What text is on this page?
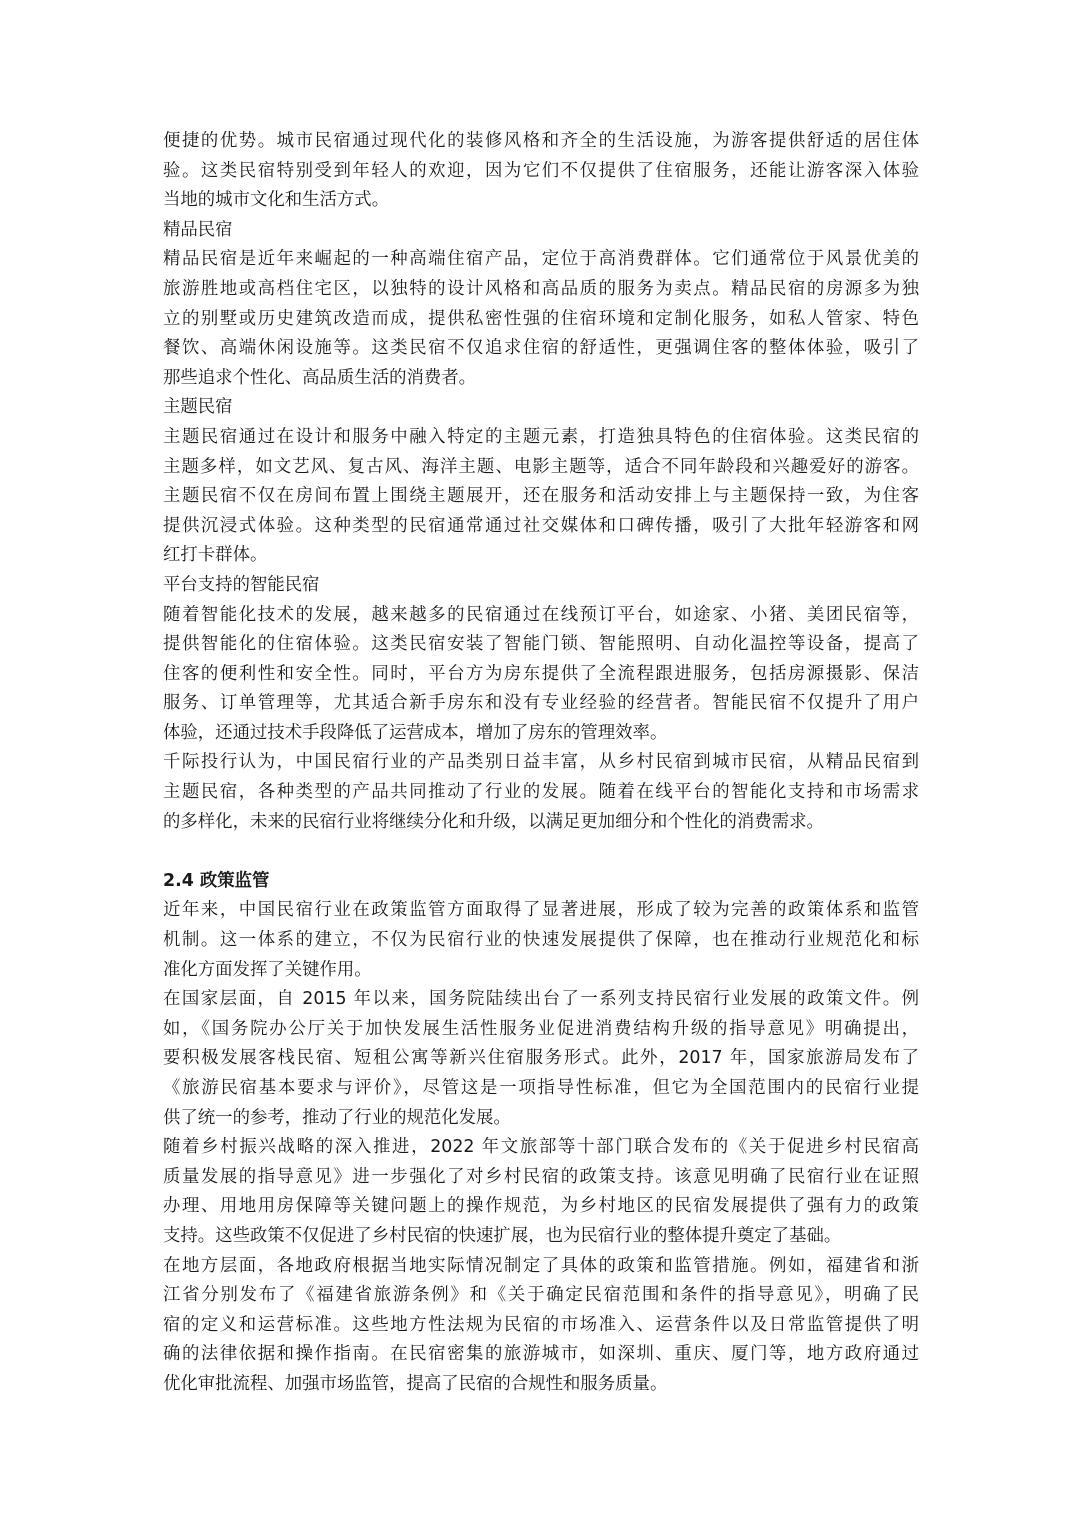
便捷的优势。城市民宿通过现代化的装修风格和齐全的生活设施，为游客提供舒适的居住体
验。这类民宿特别受到年轻人的欢迎，因为它们不仅提供了住宿服务，还能让游客深入体验
当地的城市文化和生活方式。
精品民宿
精品民宿是近年来崛起的一种高端住宿产品，定位于高消费群体。它们通常位于风景优美的
旅游胜地或高档住宅区，以独特的设计风格和高品质的服务为卖点。精品民宿的房源多为独
立的别墅或历史建筑改造而成，提供私密性强的住宿环境和定制化服务，如私人管家、特色
餐饮、高端休闲设施等。这类民宿不仅追求住宿的舒适性，更强调住客的整体体验，吸引了
那些追求个性化、高品质生活的消费者。
主题民宿
主题民宿通过在设计和服务中融入特定的主题元素，打造独具特色的住宿体验。这类民宿的
主题多样，如文艺风、复古风、海洋主题、电影主题等，适合不同年龄段和兴趣爱好的游客。
主题民宿不仅在房间布置上围绕主题展开，还在服务和活动安排上与主题保持一致，为住客
提供沉浸式体验。这种类型的民宿通常通过社交媒体和口碑传播，吸引了大批年轻游客和网
红打卡群体。
平台支持的智能民宿
随着智能化技术的发展，越来越多的民宿通过在线预订平台，如途家、小猪、美团民宿等，
提供智能化的住宿体验。这类民宿安装了智能门锁、智能照明、自动化温控等设备，提高了
住客的便利性和安全性。同时，平台方为房东提供了全流程跟进服务，包括房源摄影、保洁
服务、订单管理等，尤其适合新手房东和没有专业经验的经营者。智能民宿不仅提升了用户
体验，还通过技术手段降低了运营成本，增加了房东的管理效率。
千际投行认为，中国民宿行业的产品类别日益丰富，从乡村民宿到城市民宿，从精品民宿到
主题民宿，各种类型的产品共同推动了行业的发展。随着在线平台的智能化支持和市场需求
的多样化，未来的民宿行业将继续分化和升级，以满足更加细分和个性化的消费需求。
2.4 政策监管
近年来，中国民宿行业在政策监管方面取得了显著进展，形成了较为完善的政策体系和监管
机制。这一体系的建立，不仅为民宿行业的快速发展提供了保障，也在推动行业规范化和标
准化方面发挥了关键作用。
在国家层面，自 2015 年以来，国务院陆续出台了一系列支持民宿行业发展的政策文件。例
如，《国务院办公厅关于加快发展生活性服务业促进消费结构升级的指导意见》明确提出，
要积极发展客栈民宿、短租公寓等新兴住宿服务形式。此外，2017 年，国家旅游局发布了
《旅游民宿基本要求与评价》，尽管这是一项指导性标准，但它为全国范围内的民宿行业提
供了统一的参考，推动了行业的规范化发展。
随着乡村振兴战略的深入推进，2022 年文旅部等十部门联合发布的《关于促进乡村民宿高
质量发展的指导意见》进一步强化了对乡村民宿的政策支持。该意见明确了民宿行业在证照
办理、用地用房保障等关键问题上的操作规范，为乡村地区的民宿发展提供了强有力的政策
支持。这些政策不仅促进了乡村民宿的快速扩展，也为民宿行业的整体提升奠定了基础。
在地方层面，各地政府根据当地实际情况制定了具体的政策和监管措施。例如，福建省和浙
江省分别发布了《福建省旅游条例》和《关于确定民宿范围和条件的指导意见》，明确了民
宿的定义和运营标准。这些地方性法规为民宿的市场准入、运营条件以及日常监管提供了明
确的法律依据和操作指南。在民宿密集的旅游城市，如深圳、重庆、厦门等，地方政府通过
优化审批流程、加强市场监管，提高了民宿的合规性和服务质量。
